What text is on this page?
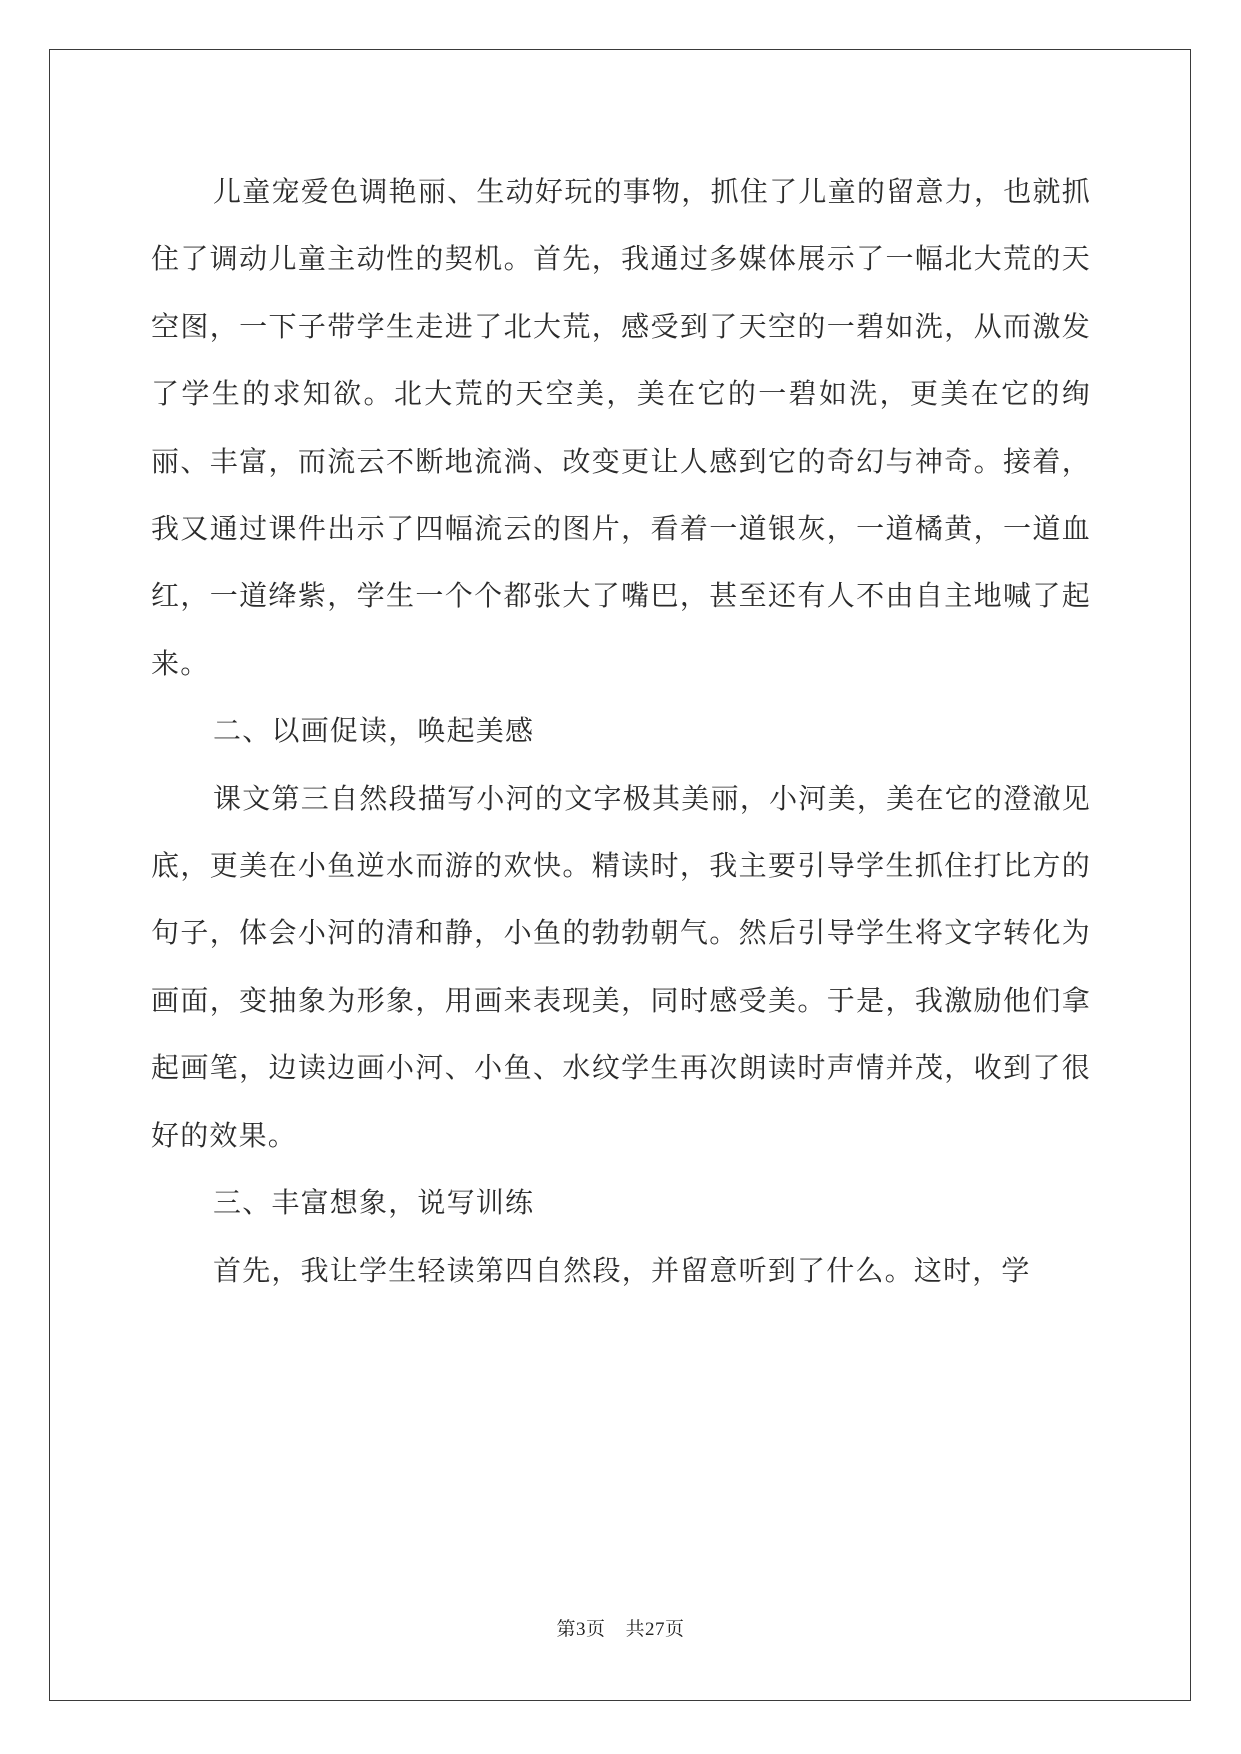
儿童宠爱色调艳丽、生动好玩的事物，抓住了儿童的留意力，也就抓住了调动儿童主动性的契机。首先，我通过多媒体展示了一幅北大荒的天空图，一下子带学生走进了北大荒，感受到了天空的一碧如洗，从而激发了学生的求知欲。北大荒的天空美，美在它的一碧如洗，更美在它的绚丽、丰富，而流云不断地流淌、改变更让人感到它的奇幻与神奇。接着，我又通过课件出示了四幅流云的图片，看着一道银灰，一道橘黄，一道血红，一道绛紫，学生一个个都张大了嘴巴，甚至还有人不由自主地喊了起来。

二、以画促读，唤起美感

课文第三自然段描写小河的文字极其美丽，小河美，美在它的澄澈见底，更美在小鱼逆水而游的欢快。精读时，我主要引导学生抓住打比方的句子，体会小河的清和静，小鱼的勃勃朝气。然后引导学生将文字转化为画面，变抽象为形象，用画来表现美，同时感受美。于是，我激励他们拿起画笔，边读边画小河、小鱼、水纹学生再次朗读时声情并茂，收到了很好的效果。

三、丰富想象，说写训练

首先，我让学生轻读第四自然段，并留意听到了什么。这时，学

第3页 共27页
